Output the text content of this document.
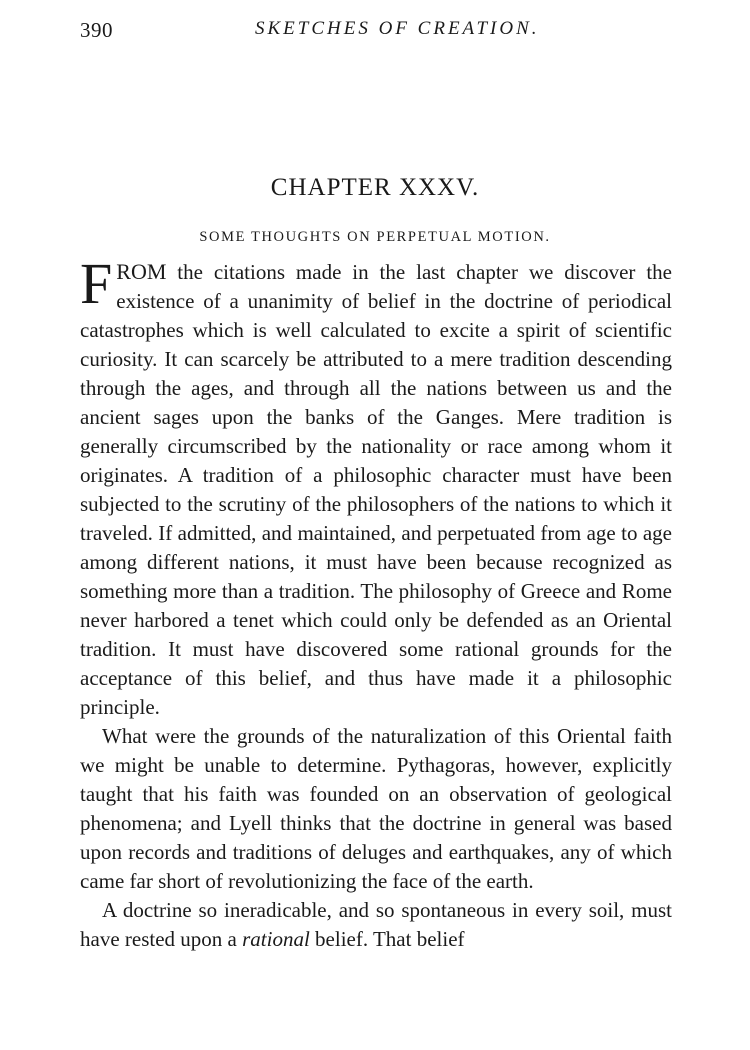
390	SKETCHES OF CREATION.
CHAPTER XXXV.
SOME THOUGHTS ON PERPETUAL MOTION.

FROM the citations made in the last chapter we discover the existence of a unanimity of belief in the doctrine of periodical catastrophes which is well calculated to excite a spirit of scientific curiosity. It can scarcely be attributed to a mere tradition descending through the ages, and through all the nations between us and the ancient sages upon the banks of the Ganges. Mere tradition is generally circumscribed by the nationality or race among whom it originates. A tradition of a philosophic character must have been subjected to the scrutiny of the philosophers of the nations to which it traveled. If admitted, and maintained, and perpetuated from age to age among different nations, it must have been because recognized as something more than a tradition. The philosophy of Greece and Rome never harbored a tenet which could only be defended as an Oriental tradition. It must have discovered some rational grounds for the acceptance of this belief, and thus have made it a philosophic principle.

What were the grounds of the naturalization of this Oriental faith we might be unable to determine. Pythagoras, however, explicitly taught that his faith was founded on an observation of geological phenomena; and Lyell thinks that the doctrine in general was based upon records and traditions of deluges and earthquakes, any of which came far short of revolutionizing the face of the earth.

A doctrine so ineradicable, and so spontaneous in every soil, must have rested upon a rational belief. That belief
